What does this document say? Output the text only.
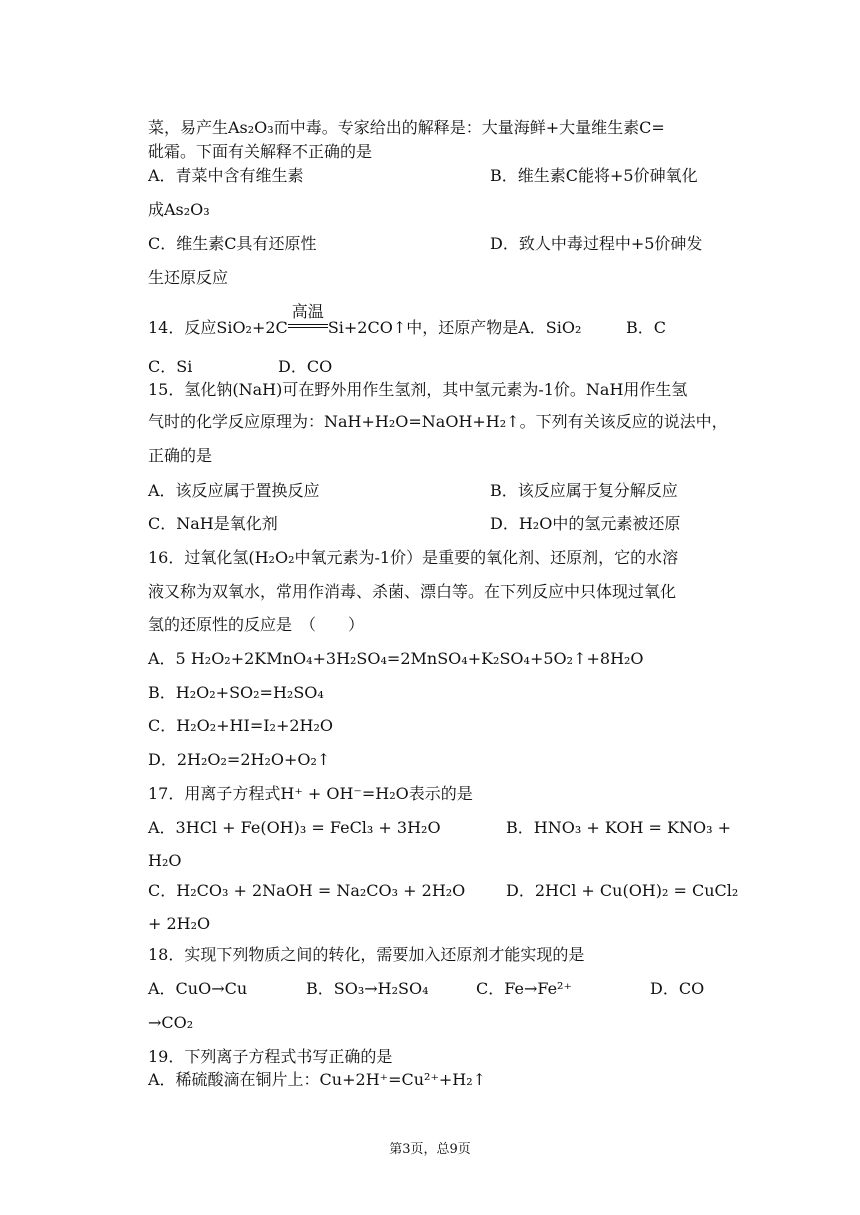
菜，易产生As₂O₃而中毒。专家给出的解释是：大量海鲜+大量维生素C=
砒霜。下面有关解释不正确的是
A．青菜中含有维生素	B．维生素C能将+5价砷氧化
成As₂O₃
C．维生素C具有还原性	D．致人中毒过程中+5价砷发
生还原反应
14．反应SiO₂+2C
高温
Si+2CO↑中，还原产物是A．SiO₂	B．C
C．Si	D．CO
15．氢化钠(NaH)可在野外用作生氢剂，其中氢元素为-1价。NaH用作生氢
气时的化学反应原理为：NaH+H₂O=NaOH+H₂↑。下列有关该反应的说法中，
正确的是
A．该反应属于置换反应	B．该反应属于复分解反应
C．NaH是氧化剂	D．H₂O中的氢元素被还原
16．过氧化氢(H₂O₂中氧元素为-1价）是重要的氧化剂、还原剂，它的水溶
液又称为双氧水，常用作消毒、杀菌、漂白等。在下列反应中只体现过氧化
氢的还原性的反应是　（　　）
A．5 H₂O₂+2KMnO₄+3H₂SO₄=2MnSO₄+K₂SO₄+5O₂↑+8H₂O
B．H₂O₂+SO₂=H₂SO₄
C．H₂O₂+HI=I₂+2H₂O
D．2H₂O₂=2H₂O+O₂↑
17．用离子方程式H⁺ + OH⁻=H₂O表示的是
A．3HCl + Fe(OH)₃ = FeCl₃ + 3H₂O	B．HNO₃ + KOH = KNO₃ +
H₂O
C．H₂CO₃ + 2NaOH = Na₂CO₃ + 2H₂O	D．2HCl + Cu(OH)₂ = CuCl₂
+ 2H₂O
18．实现下列物质之间的转化，需要加入还原剂才能实现的是
A．CuO→Cu	B．SO₃→H₂SO₄	C．Fe→Fe²⁺	D．CO
→CO₂
19．下列离子方程式书写正确的是
A．稀硫酸滴在铜片上：Cu+2H⁺=Cu²⁺+H₂↑
第3页，总9页
